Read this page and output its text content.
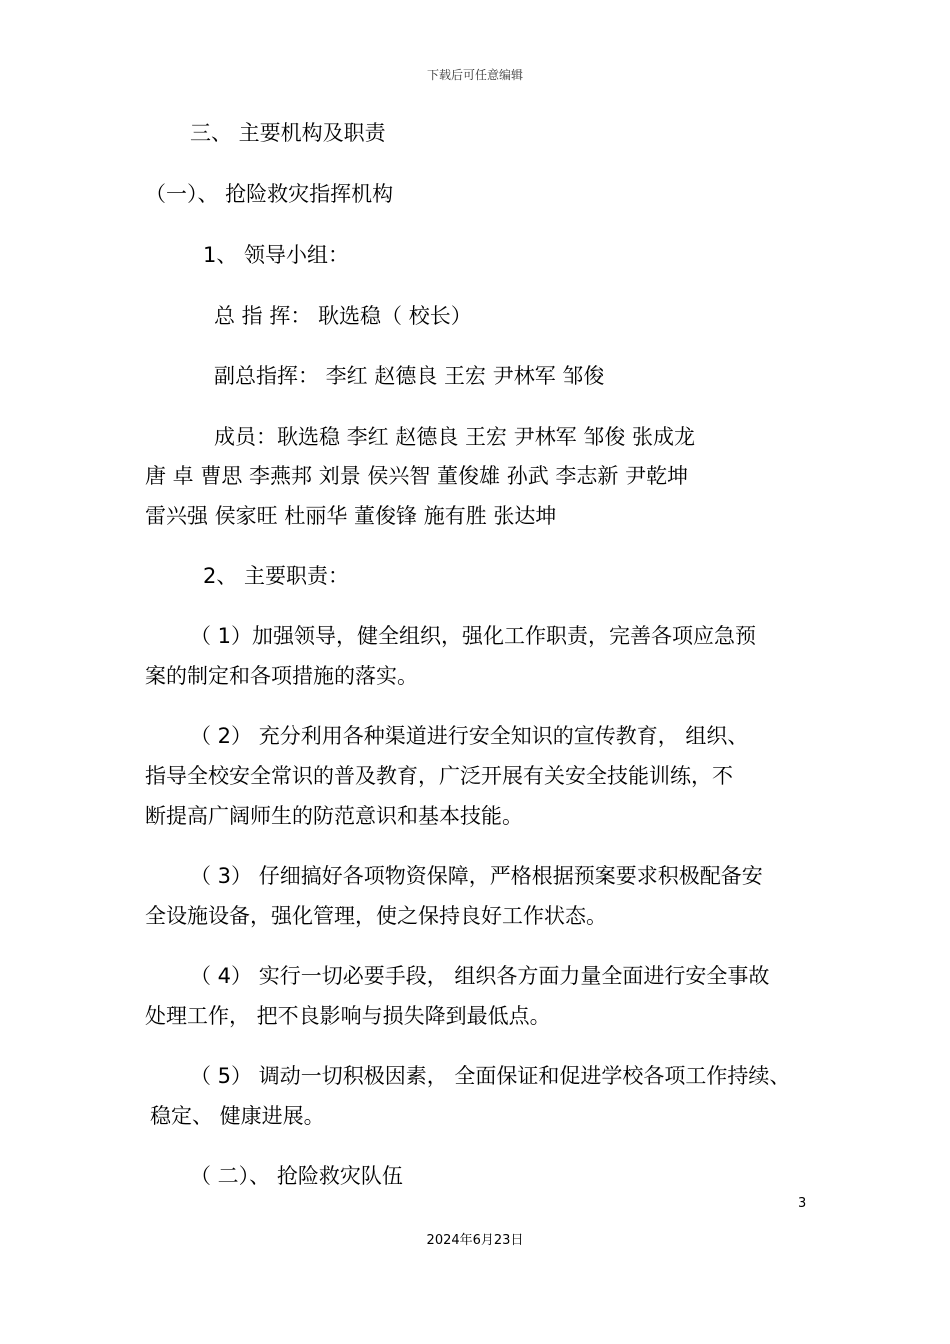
下载后可任意编辑
三、 主要机构及职责
（一）、 抢险救灾指挥机构
1、 领导小组：
总 指 挥： 耿选稳（ 校长）
副总指挥： 李红 赵德良 王宏 尹林军 邹俊
成员：耿选稳 李红 赵德良 王宏 尹林军 邹俊 张成龙
唐 卓 曹思 李燕邦 刘景 侯兴智 董俊雄 孙武 李志新 尹乾坤
雷兴强 侯家旺 杜丽华 董俊锋 施有胜 张达坤
2、 主要职责：
（ 1）加强领导，健全组织，强化工作职责，完善各项应急预
案的制定和各项措施的落实。
（ 2） 充分利用各种渠道进行安全知识的宣传教育， 组织、
指导全校安全常识的普及教育，广泛开展有关安全技能训练，不
断提高广阔师生的防范意识和基本技能。
（ 3） 仔细搞好各项物资保障，严格根据预案要求积极配备安
全设施设备，强化管理，使之保持良好工作状态。
（ 4） 实行一切必要手段， 组织各方面力量全面进行安全事故
处理工作， 把不良影响与损失降到最低点。
（ 5） 调动一切积极因素， 全面保证和促进学校各项工作持续、
稳定、 健康进展。
（ 二）、 抢险救灾队伍
3
2024年6月23日
